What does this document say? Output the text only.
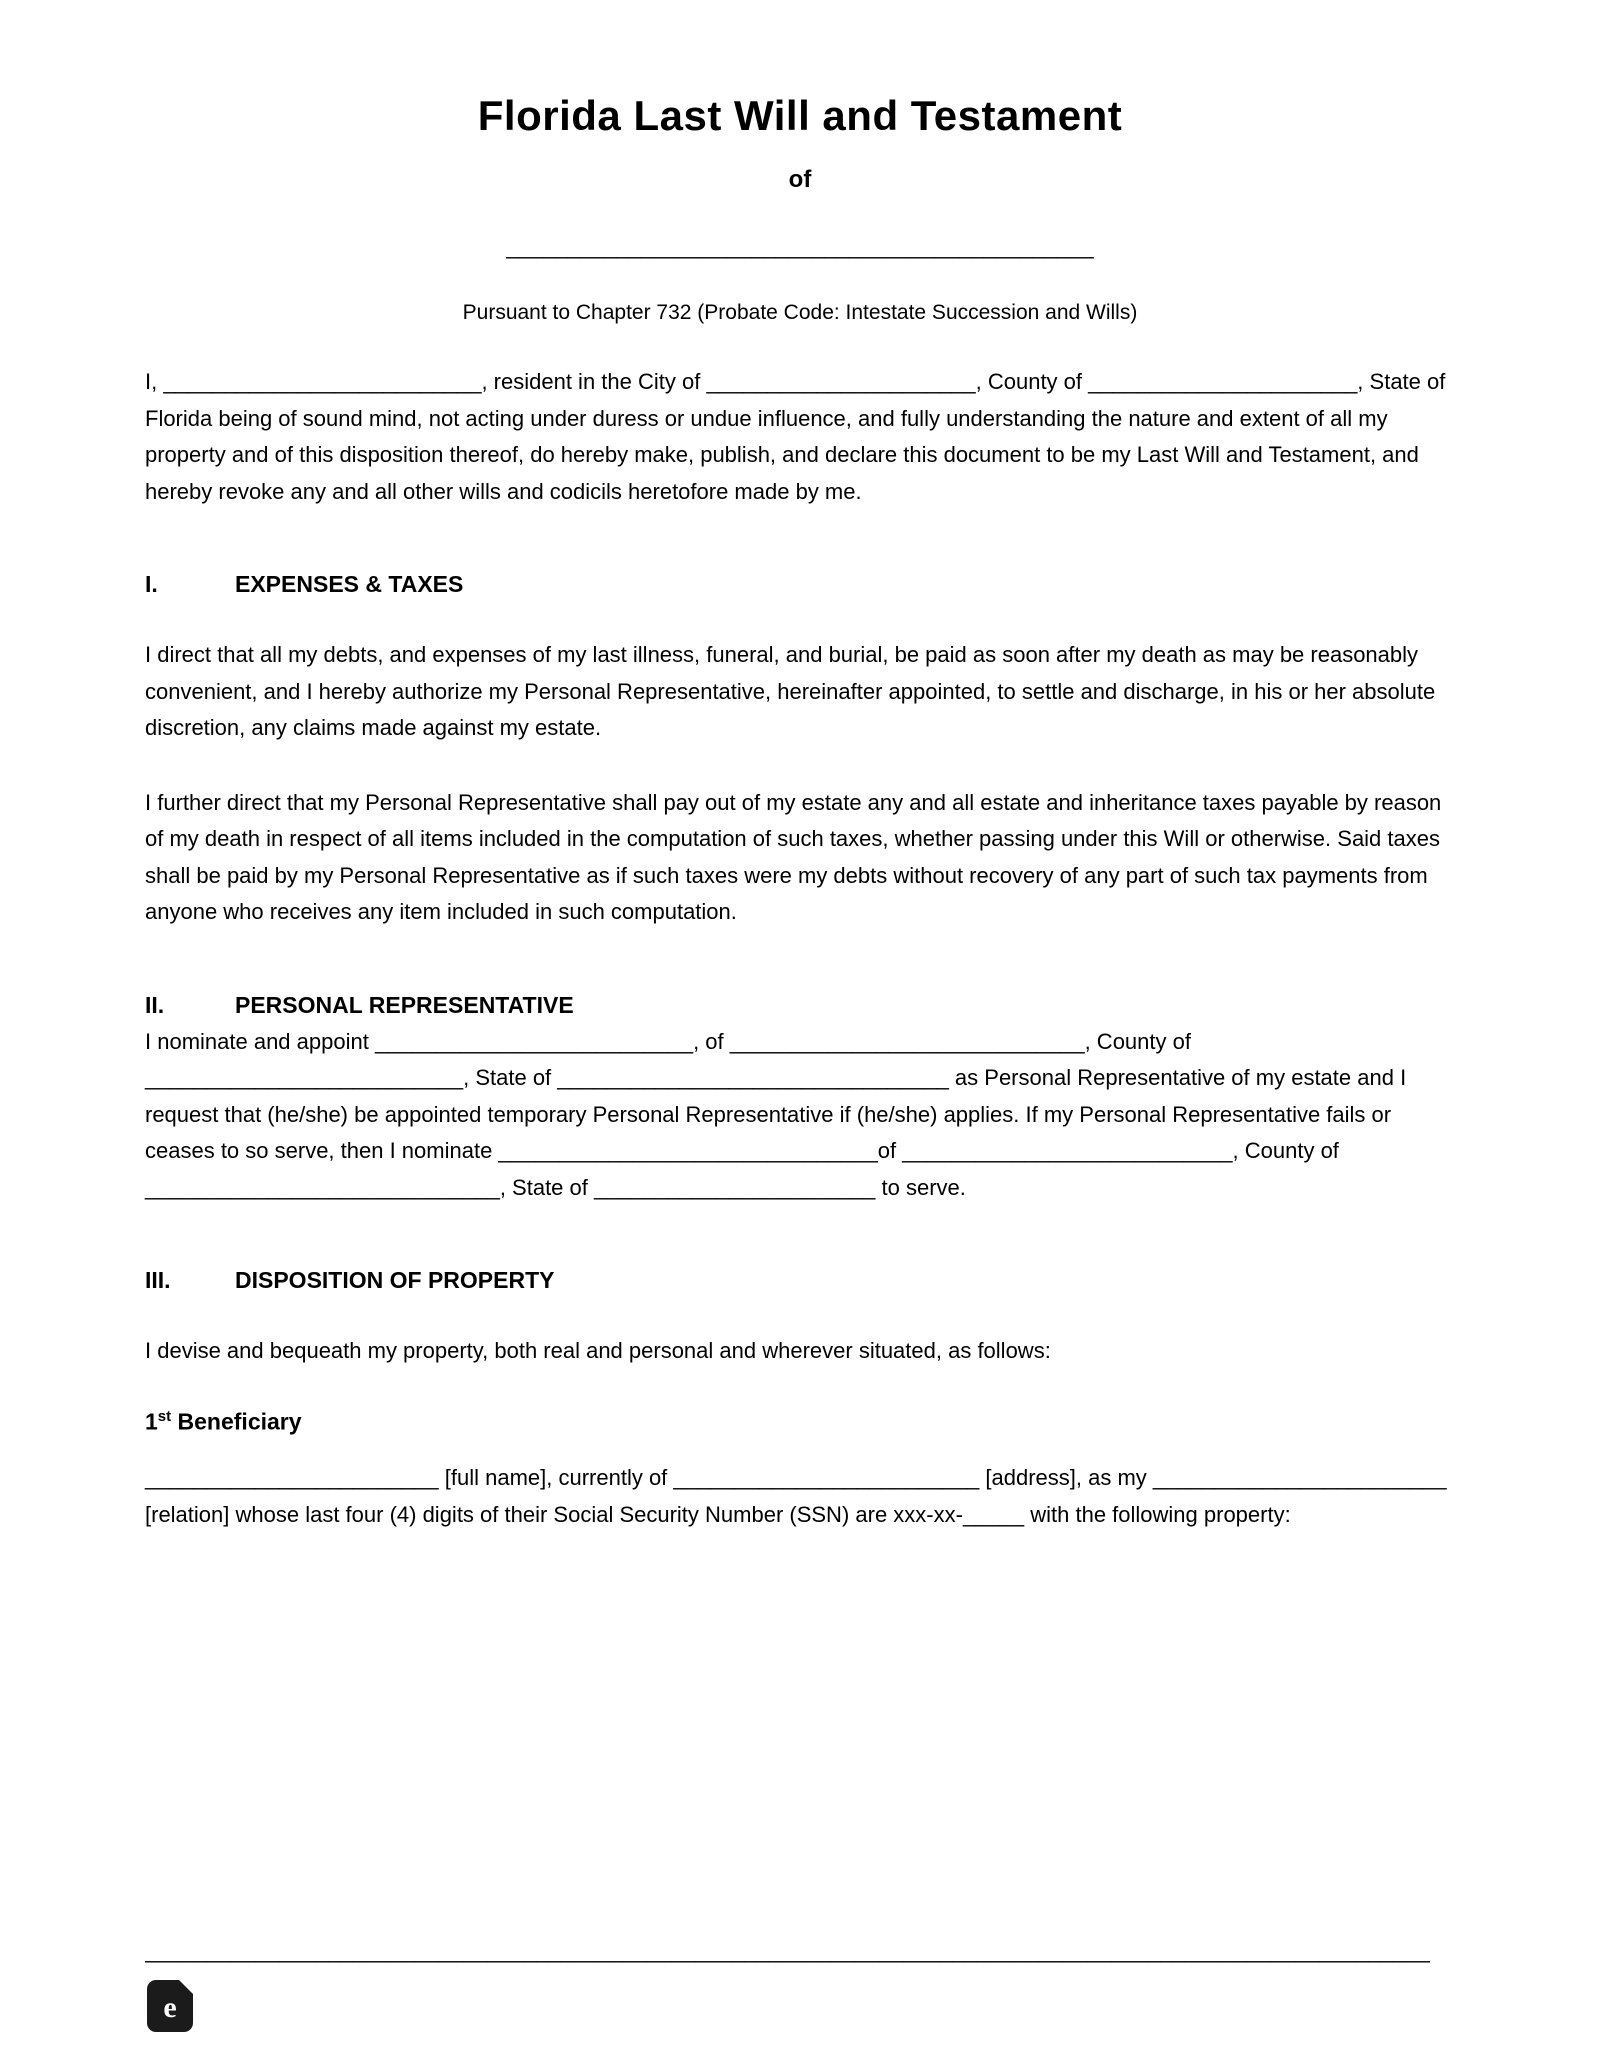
Florida Last Will and Testament
of
________________________________________________
Pursuant to Chapter 732 (Probate Code: Intestate Succession and Wills)

I, __________________________, resident in the City of ______________________, County of ______________________, State of Florida being of sound mind, not acting under duress or undue influence, and fully understanding the nature and extent of all my property and of this disposition thereof, do hereby make, publish, and declare this document to be my Last Will and Testament, and hereby revoke any and all other wills and codicils heretofore made by me.

I.	EXPENSES & TAXES

I direct that all my debts, and expenses of my last illness, funeral, and burial, be paid as soon after my death as may be reasonably convenient, and I hereby authorize my Personal Representative, hereinafter appointed, to settle and discharge, in his or her absolute discretion, any claims made against my estate.

I further direct that my Personal Representative shall pay out of my estate any and all estate and inheritance taxes payable by reason of my death in respect of all items included in the computation of such taxes, whether passing under this Will or otherwise. Said taxes shall be paid by my Personal Representative as if such taxes were my debts without recovery of any part of such tax payments from anyone who receives any item included in such computation.

II.	PERSONAL REPRESENTATIVE

I nominate and appoint __________________________, of _____________________________, County of __________________________, State of ________________________________ as Personal Representative of my estate and I request that (he/she) be appointed temporary Personal Representative if (he/she) applies. If my Personal Representative fails or ceases to so serve, then I nominate _______________________________of ___________________________, County of _____________________________, State of _______________________ to serve.

III.	DISPOSITION OF PROPERTY

I devise and bequeath my property, both real and personal and wherever situated, as follows:

1st Beneficiary

________________________ [full name], currently of _________________________ [address], as my ________________________ [relation] whose last four (4) digits of their Social Security Number (SSN) are xxx-xx-_____ with the following property:

_________________________________________________________________________________________________________
e
